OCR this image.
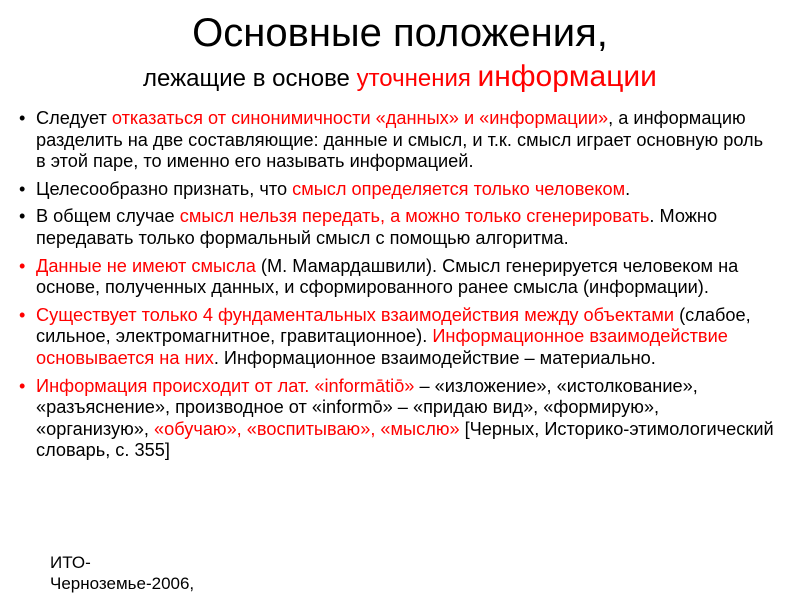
Основные положения,
лежащие в основе уточнения информации
• Следует отказаться от синонимичности «данных» и «информации», а информацию разделить на две составляющие: данные и смысл, и т.к. смысл играет основную роль в этой паре, то именно его называть информацией.
• Целесообразно признать, что смысл определяется только человеком.
• В общем случае смысл нельзя передать, а можно только сгенерировать. Можно передавать только формальный смысл с помощью алгоритма.
• Данные не имеют смысла (М. Мамардашвили). Смысл генерируется человеком на основе, полученных данных, и сформированного ранее смысла (информации).
• Существует только 4 фундаментальных взаимодействия между объектами (слабое, сильное, электромагнитное, гравитационное). Информационное взаимодействие основывается на них. Информационное взаимодействие – материально.
• Информация происходит от лат. «informātiō» – «изложение», «истолкование», «разъяснение», производное от «informō» – «придаю вид», «формирую», «организую», «обучаю», «воспитываю», «мыслю» [Черных, Историко-этимологический словарь, с. 355]
ИТО-
Черноземье-2006,
